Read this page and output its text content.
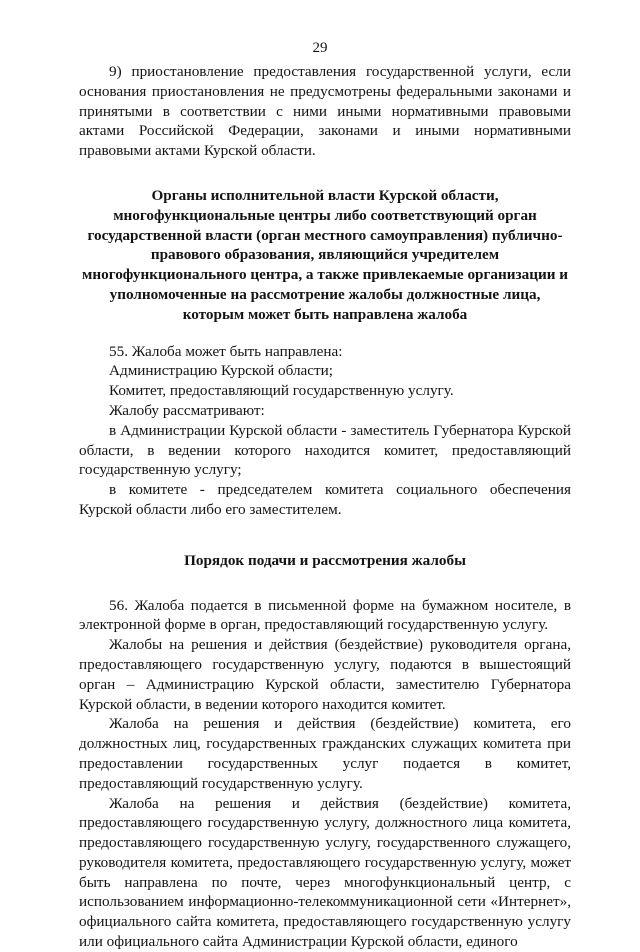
29

9) приостановление предоставления государственной услуги, если основания приостановления не предусмотрены федеральными законами и принятыми в соответствии с ними иными нормативными правовыми актами Российской Федерации, законами и иными нормативными правовыми актами Курской области.

Органы исполнительной власти Курской области, многофункциональные центры либо соответствующий орган государственной власти (орган местного самоуправления) публично-правового образования, являющийся учредителем многофункционального центра, а также привлекаемые организации и уполномоченные на рассмотрение жалобы должностные лица, которым может быть направлена жалоба

55. Жалоба может быть направлена:

Администрацию Курской области;

Комитет, предоставляющий государственную услугу.

Жалобу рассматривают:

в Администрации Курской области - заместитель Губернатора Курской области, в ведении которого находится комитет, предоставляющий государственную услугу;

в комитете - председателем комитета социального обеспечения Курской области либо его заместителем.

Порядок подачи и рассмотрения жалобы

56. Жалоба подается в письменной форме на бумажном носителе, в электронной форме в орган, предоставляющий государственную услугу.

Жалобы на решения и действия (бездействие) руководителя органа, предоставляющего государственную услугу, подаются в вышестоящий орган – Администрацию Курской области, заместителю Губернатора Курской области, в ведении которого находится комитет.

Жалоба на решения и действия (бездействие) комитета, его должностных лиц, государственных гражданских служащих комитета при предоставлении государственных услуг подается в комитет, предоставляющий государственную услугу.

Жалоба на решения и действия (бездействие) комитета, предоставляющего государственную услугу, должностного лица комитета, предоставляющего государственную услугу, государственного служащего, руководителя комитета, предоставляющего государственную услугу, может быть направлена по почте, через многофункциональный центр, с использованием информационно-телекоммуникационной сети «Интернет», официального сайта комитета, предоставляющего государственную услугу или официального сайта Администрации Курской области, единого
